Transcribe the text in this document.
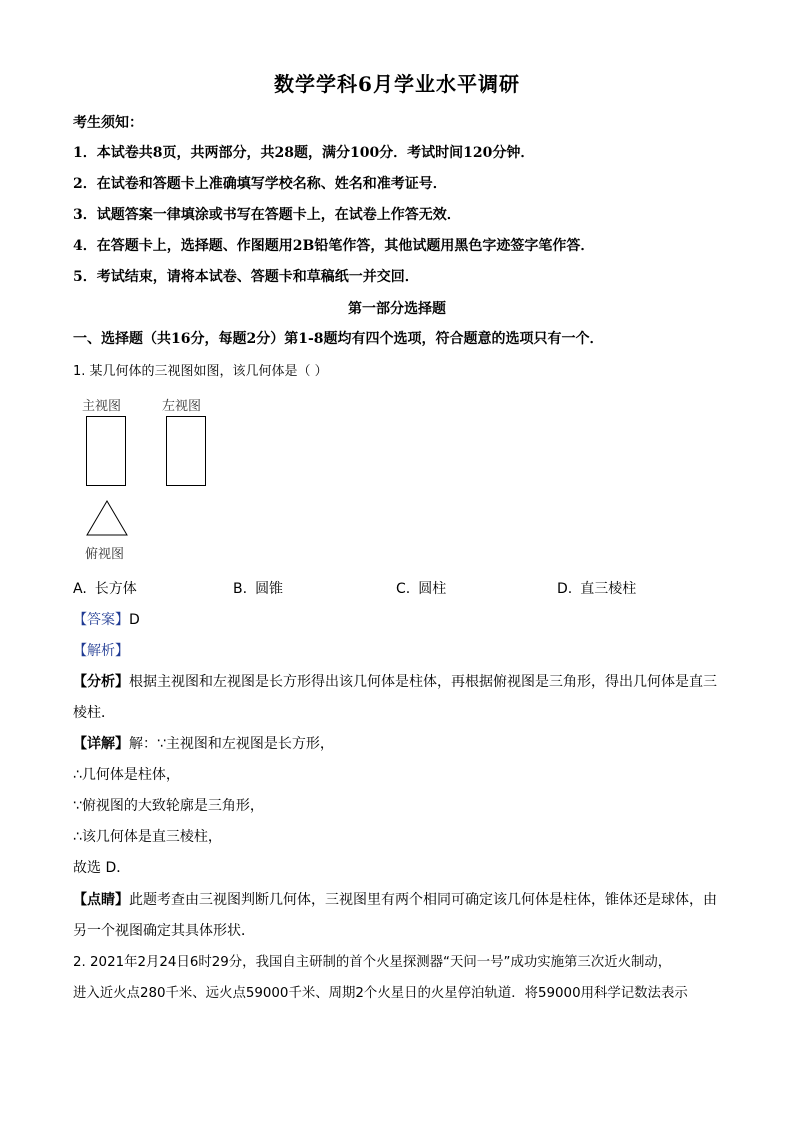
数学学科6月学业水平调研
考生须知：
1．本试卷共8页，共两部分，共28题，满分100分．考试时间120分钟．
2．在试卷和答题卡上准确填写学校名称、姓名和准考证号．
3．试题答案一律填涂或书写在答题卡上，在试卷上作答无效．
4．在答题卡上，选择题、作图题用2B铅笔作答，其他试题用黑色字迹签字笔作答．
5．考试结束，请将本试卷、答题卡和草稿纸一并交回．
第一部分选择题
一、选择题（共16分，每题2分）第1-8题均有四个选项，符合题意的选项只有一个．
1. 某几何体的三视图如图，该几何体是（ ）
主视图	左视图
俯视图
A. 长方体	B. 圆锥	C. 圆柱	D. 直三棱柱
【答案】D
【解析】
【分析】根据主视图和左视图是长方形得出该几何体是柱体，再根据俯视图是三角形，得出几何体是直三
棱柱．
【详解】解：∵主视图和左视图是长方形，
∴几何体是柱体，
∵俯视图的大致轮廓是三角形，
∴该几何体是直三棱柱，
故选 D．
【点睛】此题考查由三视图判断几何体，三视图里有两个相同可确定该几何体是柱体，锥体还是球体，由
另一个视图确定其具体形状．
2. 2021年2月24日6时29分，我国自主研制的首个火星探测器“天问一号”成功实施第三次近火制动，
进入近火点280千米、远火点59000千米、周期2个火星日的火星停泊轨道．将59000用科学记数法表示
